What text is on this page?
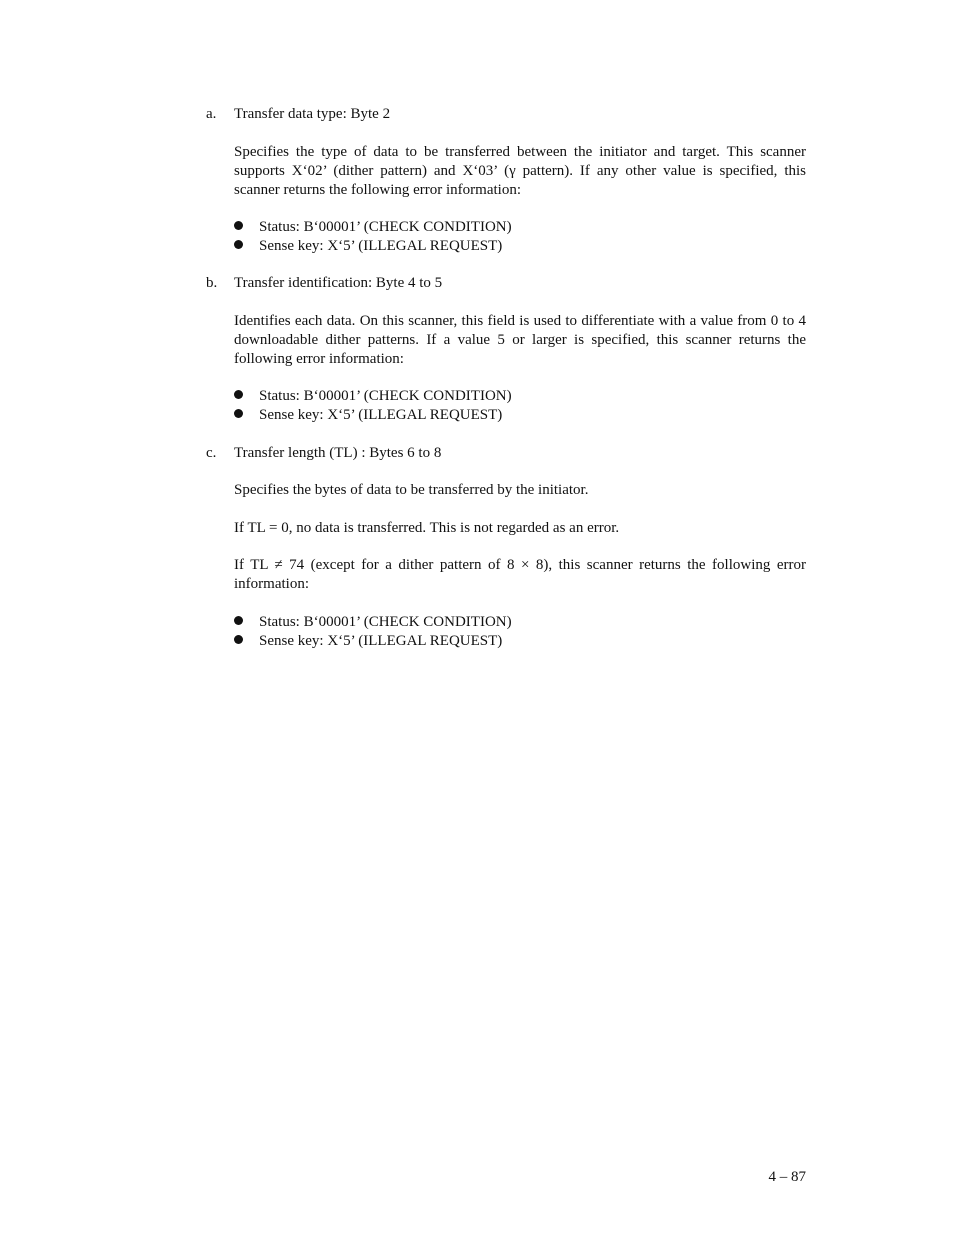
a. Transfer data type: Byte 2
Specifies the type of data to be transferred between the initiator and target. This scanner supports X‘02’ (dither pattern) and X‘03’ (γ pattern). If any other value is specified, this scanner returns the following error information:
Status: B‘00001’ (CHECK CONDITION)
Sense key: X‘5’ (ILLEGAL REQUEST)
b. Transfer identification: Byte 4 to 5
Identifies each data. On this scanner, this field is used to differentiate with a value from 0 to 4 downloadable dither patterns. If a value 5 or larger is specified, this scanner returns the following error information:
Status: B‘00001’ (CHECK CONDITION)
Sense key: X‘5’ (ILLEGAL REQUEST)
c. Transfer length (TL) : Bytes 6 to 8
Specifies the bytes of data to be transferred by the initiator.
If TL = 0, no data is transferred. This is not regarded as an error.
If TL ≠ 74 (except for a dither pattern of 8 × 8), this scanner returns the following error information:
Status: B‘00001’ (CHECK CONDITION)
Sense key: X‘5’ (ILLEGAL REQUEST)
4 – 87
